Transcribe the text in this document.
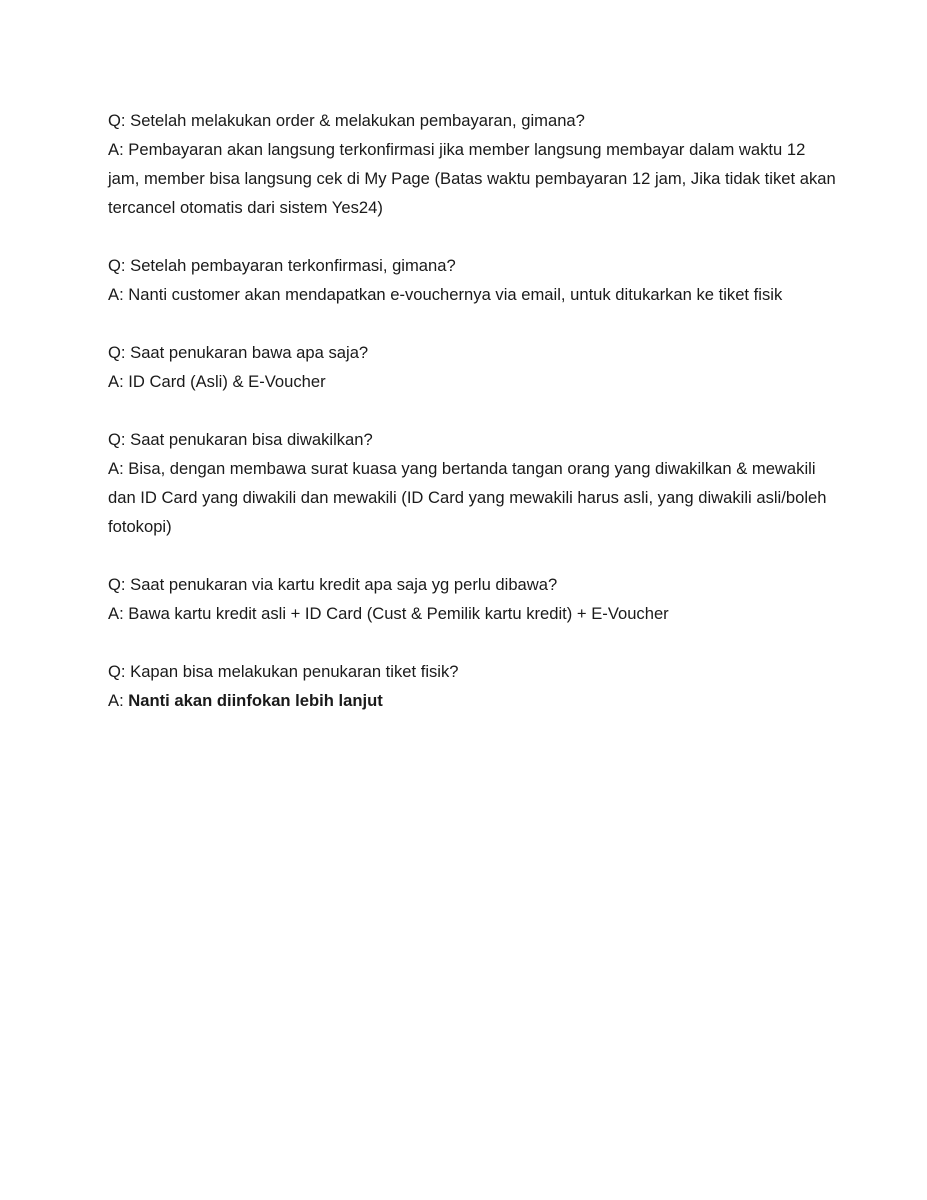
Q: Setelah melakukan order & melakukan pembayaran, gimana?
A: Pembayaran akan langsung terkonfirmasi jika member langsung membayar dalam waktu 12 jam, member bisa langsung cek di My Page (Batas waktu pembayaran 12 jam, Jika tidak tiket akan tercancel otomatis dari sistem Yes24)
Q: Setelah pembayaran terkonfirmasi, gimana?
A: Nanti customer akan mendapatkan e-vouchernya via email, untuk ditukarkan ke tiket fisik
Q: Saat penukaran bawa apa saja?
A: ID Card (Asli) & E-Voucher
Q: Saat penukaran bisa diwakilkan?
A: Bisa, dengan membawa surat kuasa yang bertanda tangan orang yang diwakilkan & mewakili dan ID Card yang diwakili dan mewakili (ID Card yang mewakili harus asli, yang diwakili asli/boleh fotokopi)
Q: Saat penukaran via kartu kredit apa saja yg perlu dibawa?
A: Bawa kartu kredit asli + ID Card (Cust & Pemilik kartu kredit) + E-Voucher
Q: Kapan bisa melakukan penukaran tiket fisik?
A: Nanti akan diinfokan lebih lanjut
